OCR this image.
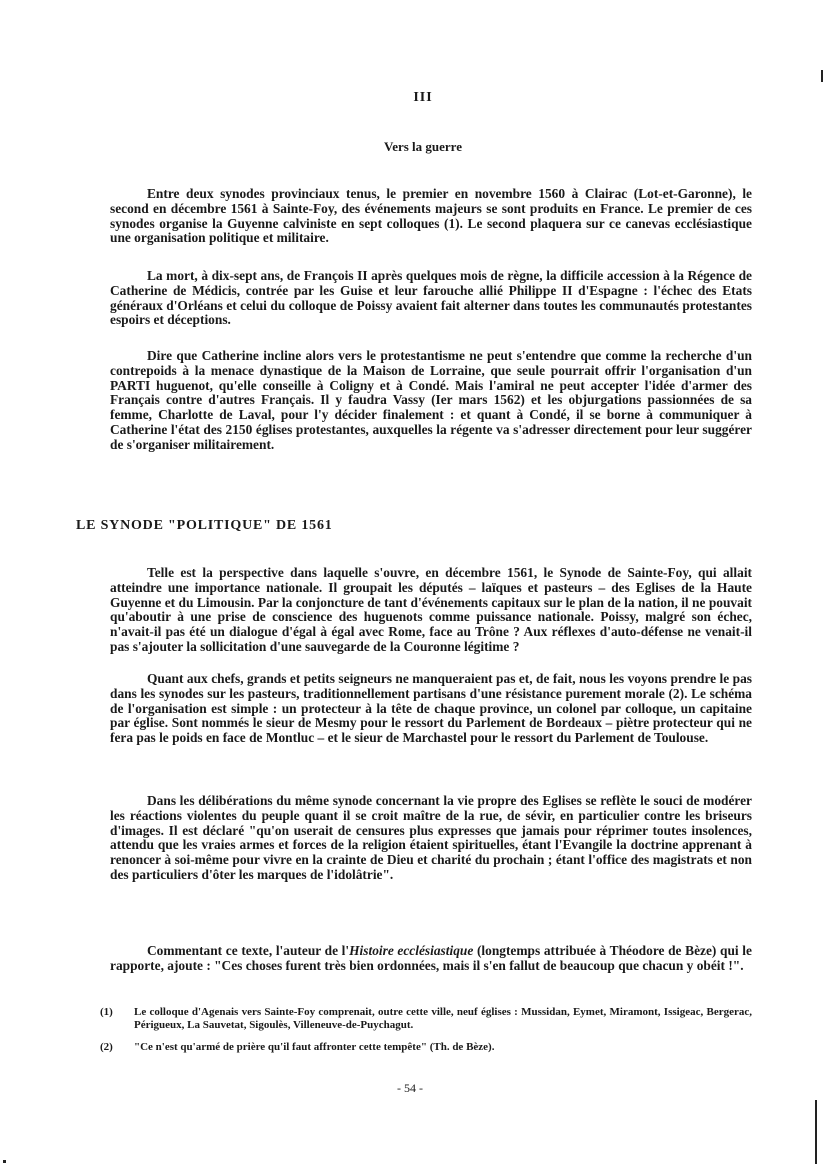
III
Vers la guerre

Entre deux synodes provinciaux tenus, le premier en novembre 1560 à Clairac (Lot-et-Garonne), le second en décembre 1561 à Sainte-Foy, des événements majeurs se sont produits en France. Le premier de ces synodes organise la Guyenne calviniste en sept colloques (1). Le second plaquera sur ce canevas ecclésiastique une organisation politique et militaire.

La mort, à dix-sept ans, de François II après quelques mois de règne, la difficile accession à la Régence de Catherine de Médicis, contrée par les Guise et leur farouche allié Philippe II d'Espagne : l'échec des Etats généraux d'Orléans et celui du colloque de Poissy avaient fait alterner dans toutes les communautés protestantes espoirs et déceptions.

Dire que Catherine incline alors vers le protestantisme ne peut s'entendre que comme la recherche d'un contrepoids à la menace dynastique de la Maison de Lorraine, que seule pourrait offrir l'organisation d'un PARTI huguenot, qu'elle conseille à Coligny et à Condé. Mais l'amiral ne peut accepter l'idée d'armer des Français contre d'autres Français. Il y faudra Vassy (Ier mars 1562) et les objurgations passionnées de sa femme, Charlotte de Laval, pour l'y décider finalement : et quant à Condé, il se borne à communiquer à Catherine l'état des 2150 églises protestantes, auxquelles la régente va s'adresser directement pour leur suggérer de s'organiser militairement.

LE SYNODE "POLITIQUE" DE 1561

Telle est la perspective dans laquelle s'ouvre, en décembre 1561, le Synode de Sainte-Foy, qui allait atteindre une importance nationale. Il groupait les députés – laïques et pasteurs – des Eglises de la Haute Guyenne et du Limousin. Par la conjoncture de tant d'événements capitaux sur le plan de la nation, il ne pouvait qu'aboutir à une prise de conscience des huguenots comme puissance nationale. Poissy, malgré son échec, n'avait-il pas été un dialogue d'égal à égal avec Rome, face au Trône ? Aux réflexes d'auto-défense ne venait-il pas s'ajouter la sollicitation d'une sauvegarde de la Couronne légitime ?

Quant aux chefs, grands et petits seigneurs ne manqueraient pas et, de fait, nous les voyons prendre le pas dans les synodes sur les pasteurs, traditionnellement partisans d'une résistance purement morale (2). Le schéma de l'organisation est simple : un protecteur à la tête de chaque province, un colonel par colloque, un capitaine par église. Sont nommés le sieur de Mesmy pour le ressort du Parlement de Bordeaux – piètre protecteur qui ne fera pas le poids en face de Montluc – et le sieur de Marchastel pour le ressort du Parlement de Toulouse.

Dans les délibérations du même synode concernant la vie propre des Eglises se reflète le souci de modérer les réactions violentes du peuple quant il se croit maître de la rue, de sévir, en particulier contre les briseurs d'images. Il est déclaré "qu'on userait de censures plus expresses que jamais pour réprimer toutes insolences, attendu que les vraies armes et forces de la religion étaient spirituelles, étant l'Evangile la doctrine apprenant à renoncer à soi-même pour vivre en la crainte de Dieu et charité du prochain ; étant l'office des magistrats et non des particuliers d'ôter les marques de l'idolâtrie".

Commentant ce texte, l'auteur de l'Histoire ecclésiastique (longtemps attribuée à Théodore de Bèze) qui le rapporte, ajoute : "Ces choses furent très bien ordonnées, mais il s'en fallut de beaucoup que chacun y obéit !".

(1)	Le colloque d'Agenais vers Sainte-Foy comprenait, outre cette ville, neuf églises : Mussidan, Eymet, Miramont, Issigeac, Bergerac, Périgueux, La Sauvetat, Sigoulès, Villeneuve-de-Puychagut.
(2)	"Ce n'est qu'armé de prière qu'il faut affronter cette tempête" (Th. de Bèze).
- 54 -
